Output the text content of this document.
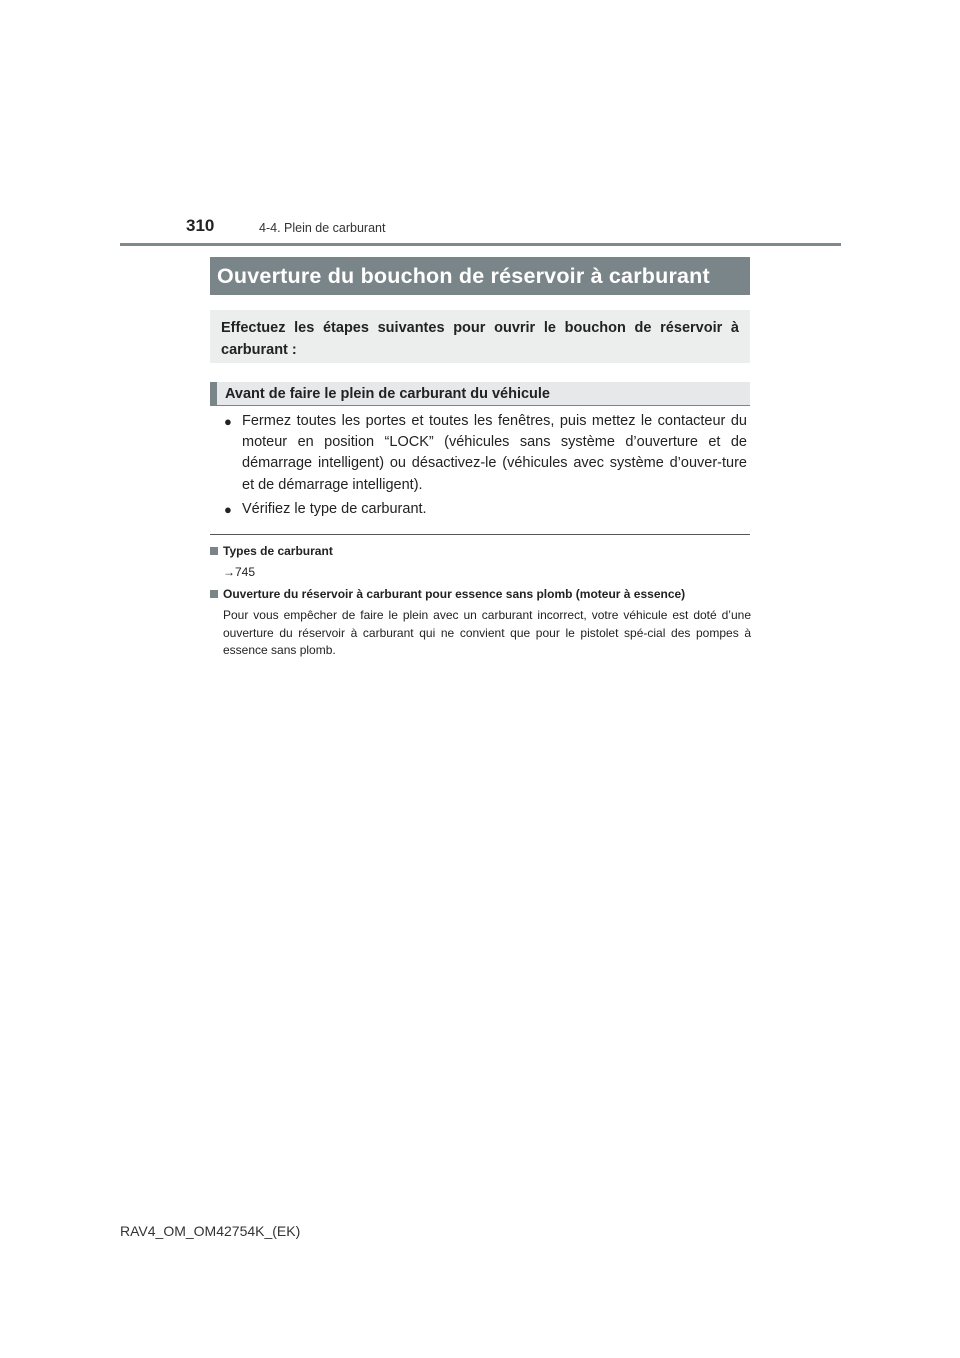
310	4-4. Plein de carburant
Ouverture du bouchon de réservoir à carburant
Effectuez les étapes suivantes pour ouvrir le bouchon de réservoir à carburant :
Avant de faire le plein de carburant du véhicule
● Fermez toutes les portes et toutes les fenêtres, puis mettez le contacteur du moteur en position “LOCK” (véhicules sans système d’ouverture et de démarrage intelligent) ou désactivez-le (véhicules avec système d’ouver-ture et de démarrage intelligent).
● Vérifiez le type de carburant.
Types de carburant
→745
Ouverture du réservoir à carburant pour essence sans plomb (moteur à essence)
Pour vous empêcher de faire le plein avec un carburant incorrect, votre véhicule est doté d’une ouverture du réservoir à carburant qui ne convient que pour le pistolet spé-cial des pompes à essence sans plomb.
RAV4_OM_OM42754K_(EK)
